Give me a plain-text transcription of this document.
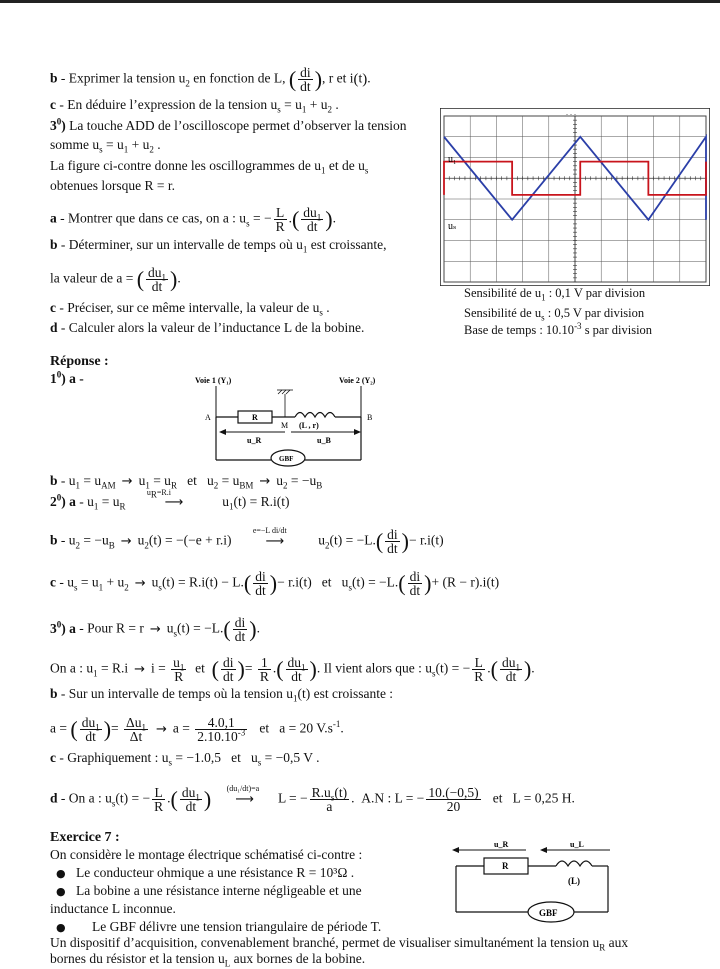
b - Exprimer la tension $u_2$ en fonction de L, ( $\frac{di}{dt}$ ), r et i(t).
c - En déduire l’expression de la tension $u_s = u_1 + u_2$ .
$3^0$) La touche ADD de l’oscilloscope permet d’observer la tension
somme $u_s = u_1 + u_2$ .
La figure ci-contre donne les oscillogrammes de $u_1$ et de $u_s$
obtenues lorsque R = r.
a - Montrer que dans ce cas, on a : $u_s$ = − $\frac{L}{R}$ .( $\frac{du_1}{dt}$ ).
b - Déterminer, sur un intervalle de temps où $u_1$ est croissante,
la valeur de a = ( $\frac{du_1}{dt}$ ).
c - Préciser, sur ce même intervalle, la valeur de $u_s$ .
d - Calculer alors la valeur de l’inductance L de la bobine.
u₁
uₛ
. . .
Sensibilité de $u_1$ : 0,1 V par division
Sensibilité de $u_s$ : 0,5 V par division
Base de temps : $10.10^{-3}$ s par division
Réponse :
$1^0$) a -	Voie 1 (Y₁)	Voie 2 (Y₂)
A	B
R
M (L , r)
GBF
u_R	u_B
$b - u_1 = u_{AM} \to u_1 = u_R$   et   $u_2 = u_{BM} \to u_2 = -u_B$
$2^0$) $a - u_1 = u_R$
$u_R=R.i$
⟶	$u_1(t) = R.i(t)$
$b - u_2 = -u_B \to u_2(t) = -(-e + r.i)$
e=−L di/dt
⟶ $u_2(t) = -L.( \frac{di}{dt}$ )− r.i(t)
$c - u_s = u_1 + u_2 \to u_s(t) = R.i(t) - L.( \frac{di}{dt}$ )− r.i(t)   et   $u_s(t) = -L.( \frac{di}{dt}$ )+ (R − r).i(t)
$3^0$) a - Pour $R = r \to u_s(t) = -L.( \frac{di}{dt}$ ).
On a : $u_1 = R.i \to i = \frac{u_1}{R}$ et  ( $\frac{di}{dt}$ )= $\frac{1}{R}$ .( $\frac{du_1}{dt}$ ). Il vient alors que : $u_s(t)$ = − $\frac{L}{R}$ .( $\frac{du_1}{dt}$ ).
b - Sur un intervalle de temps où la tension $u_1(t)$ est croissante :
a = ( $\frac{du_1}{dt}$ )= $\frac{\Delta u_1}{\Delta t} \to a = \frac{4.0,1}{2.10.10^{-3}}$ et   a = 20 $V.s^{-1}$.
c - Graphiquement : $u_s = -1.0,5$   et   $u_s = -0,5$ V .
d - On a : $u_s(t)$ = − $\frac{L}{R}$ .( $\frac{du_1}{dt}$ ) (du₁/dt)=a
⟶ L = − $\frac{R.u_s(t)}{a}$ .  A.N : L = − $\frac{10.(-0,5)}{20}$ et   L = 0,25 H.
Exercice 7 :
On considère le montage électrique schématisé ci-contre :
● Le conducteur ohmique a une résistance R = 10³Ω .
● La bobine a une résistance interne négligeable et une
inductance L inconnue.
● Le GBF délivre une tension triangulaire de période T.
Un dispositif d’acquisition, convenablement branché, permet de visualiser simultanément la tension $u_R$ aux
bornes du résistor et la tension $u_L$ aux bornes de la bobine.
u_R	u_L
R
(L)
GBF
